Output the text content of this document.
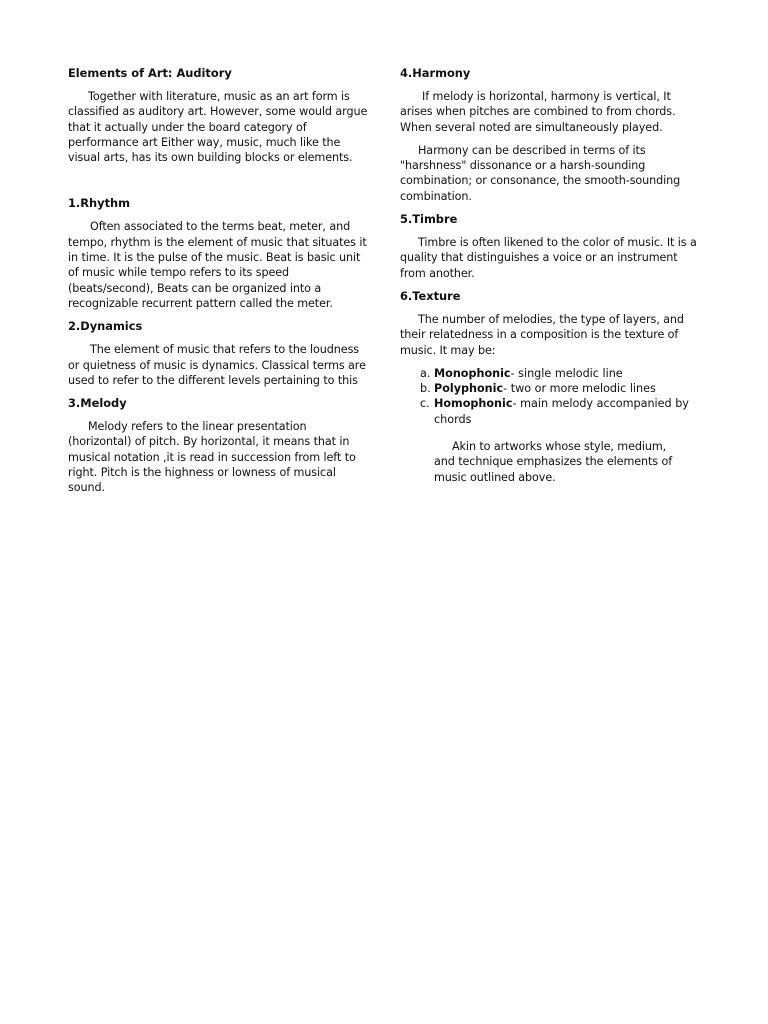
Elements of Art: Auditory

Together with literature, music as an art form is classified as auditory art. However, some would argue that it actually under the board category of performance art Either way, music, much like the visual arts, has its own building blocks or elements.

1.Rhythm

Often associated to the terms beat, meter, and tempo, rhythm is the element of music that situates it in time. It is the pulse of the music. Beat is basic unit of music while tempo refers to its speed (beats/second), Beats can be organized into a recognizable recurrent pattern called the meter.

2.Dynamics

The element of music that refers to the loudness or quietness of music is dynamics. Classical terms are used to refer to the different levels pertaining to this

3.Melody

Melody refers to the linear presentation (horizontal) of pitch. By horizontal, it means that in musical notation ,it is read in succession from left to right. Pitch is the highness or lowness of musical sound.

4.Harmony

If melody is horizontal, harmony is vertical, It arises when pitches are combined to from chords. When several noted are simultaneously played.

Harmony can be described in terms of its "harshness" dissonance or a harsh-sounding combination; or consonance, the smooth-sounding combination.

5.Timbre

Timbre is often likened to the color of music. It is a quality that distinguishes a voice or an instrument from another.

6.Texture

The number of melodies, the type of layers, and their relatedness in a composition is the texture of music. It may be:

a. Monophonic- single melodic line
b. Polyphonic- two or more melodic lines
c. Homophonic- main melody accompanied by chords

Akin to artworks whose style, medium, and technique emphasizes the elements of music outlined above.
